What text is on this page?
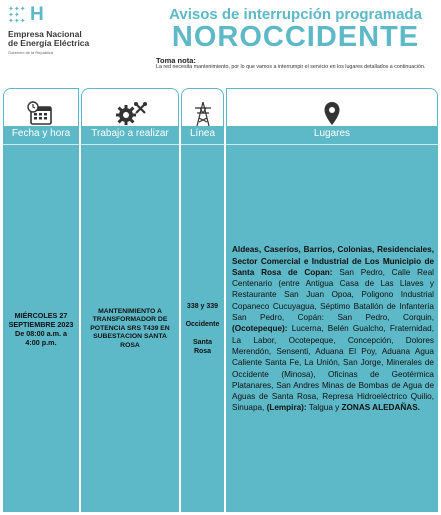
✦✦✦
✦✦
✦✦✦ H
Empresa Nacional
de Energía Eléctrica
Gobierno de la República
Avisos de interrupción programada
NOROCCIDENTE
Toma nota:
La red necesita mantenimiento, por lo que vamos a interrumpir el servicio en los lugares detallados a continuación.
Fecha y hora
MIÉRCOLES 27
SEPTIEMBRE 2023
De 08:00 a.m. a
4:00 p.m.
Trabajo a realizar
MANTENIMIENTO A TRANSFORMADOR DE POTENCIA SRS T439 EN SUBESTACION SANTA ROSA
Línea
338 y 339
Occidente
Santa
Rosa
Lugares
Aldeas, Caseríos, Barrios, Colonias, Residenciales, Sector Comercial e Industrial de Los Municipio de Santa Rosa de Copan: San Pedro, Calle Real Centenario (entre Antigua Casa de Las Llaves y Restaurante San Juan Opoa, Poligono Industrial Copaneco Cucuyagua, Séptimo Batallón de Infantería San Pedro, Copán: San Pedro, Corquin, (Ocotepeque): Lucerna, Belén Gualcho, Fraternidad, La Labor, Ocotepeque, Concepción, Dolores Merendón, Sensenti, Aduana El Poy, Aduana Agua Caliente Santa Fe, La Unión, San Jorge, Minerales de Occidente (Minosa), Oficinas de Geotérmica Platanares, San Andres Minas de Bombas de Agua de Aguas de Santa Rosa, Represa Hidroeléctrico Quilio, Sinuapa, (Lempira): Talgua y ZONAS ALEDAÑAS.
